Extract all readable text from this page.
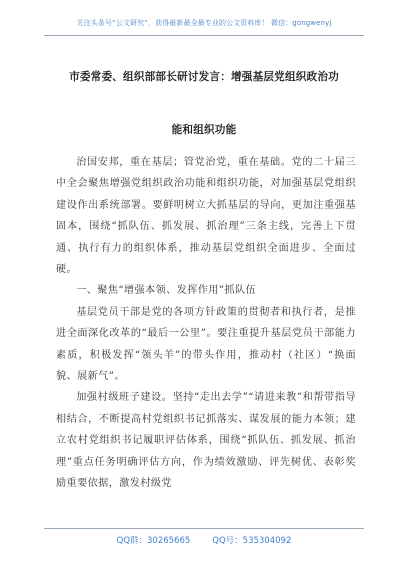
关注头条号“公文研究”，获得最新最全最专业的公文资料库！ 微信：gongwenyj
市委常委、组织部部长研讨发言：增强基层党组织政治功
能和组织功能

治国安邦，重在基层；管党治党，重在基础。党的二十届三中全会聚焦增强党组织政治功能和组织功能，对加强基层党组织建设作出系统部署。要鲜明树立大抓基层的导向，更加注重强基固本，围绕“抓队伍、抓发展、抓治理”三条主线，完善上下贯通、执行有力的组织体系，推动基层党组织全面进步、全面过硬。

一、聚焦“增强本领、发挥作用”抓队伍

基层党员干部是党的各项方针政策的贯彻者和执行者，是推进全面深化改革的“最后一公里”。要注重提升基层党员干部能力素质，积极发挥“领头羊”的带头作用，推动村（社区）“换面貌、展新气”。

加强村级班子建设。坚持“走出去学”“请进来教”和帮带指导相结合，不断提高村党组织书记抓落实、谋发展的能力本领；建立农村党组织书记履职评估体系，围绕“抓队伍、抓发展、抓治理”重点任务明确评估方向，作为绩效激励、评先树优、表彰奖励重要依据，激发村级党

QQ群：30265665	QQ号：535304092
